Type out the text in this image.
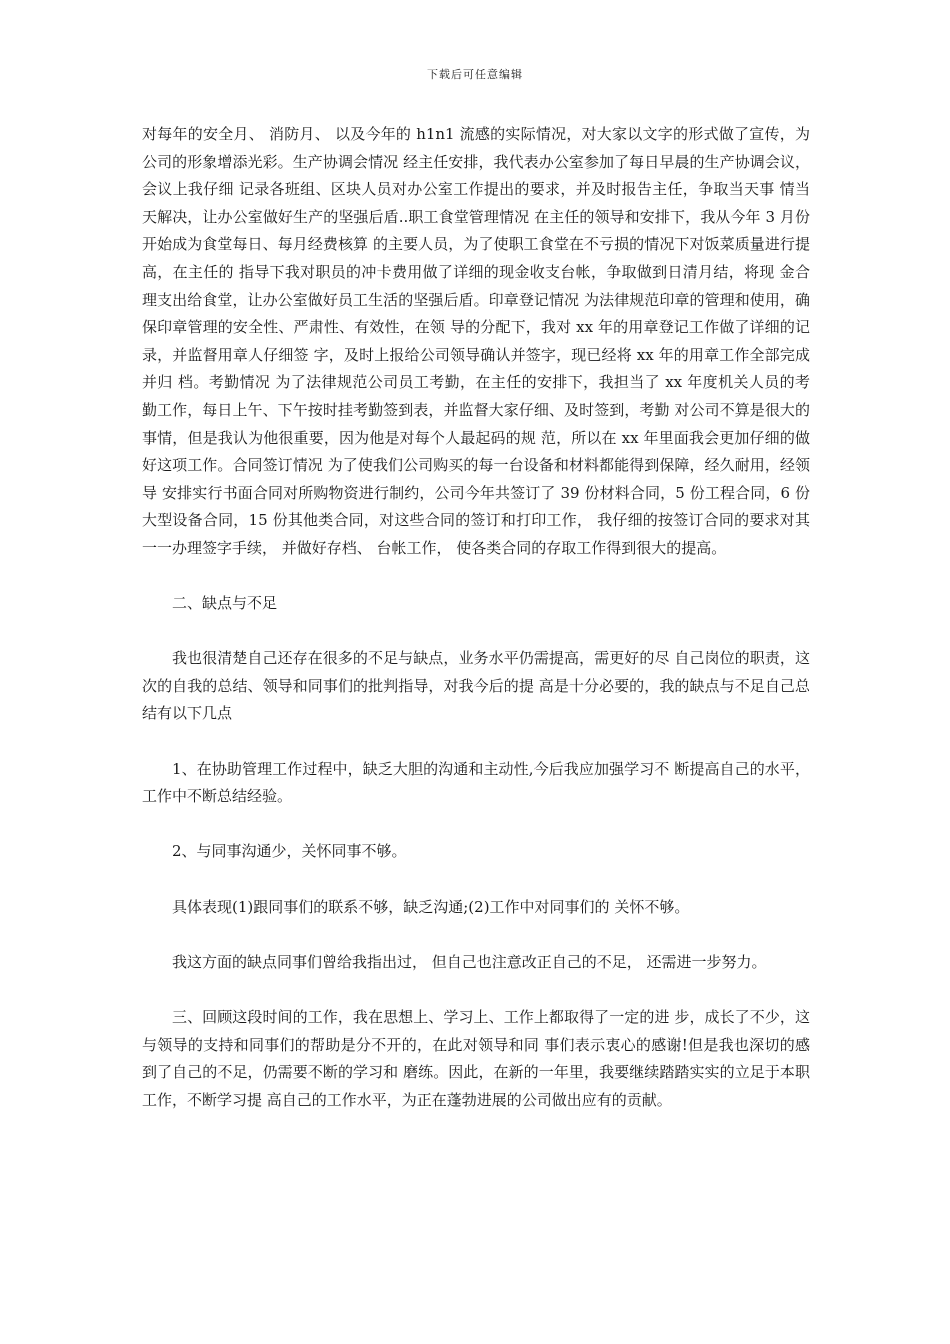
下载后可任意编辑

对每年的安全月、 消防月、 以及今年的 h1n1 流感的实际情况，对大家以文字的形式做了宣传，为公司的形象增添光彩。生产协调会情况 经主任安排，我代表办公室参加了每日早晨的生产协调会议，会议上我仔细 记录各班组、区块人员对办公室工作提出的要求，并及时报告主任，争取当天事 情当天解决，让办公室做好生产的坚强后盾..职工食堂管理情况 在主任的领导和安排下，我从今年 3 月份开始成为食堂每日、每月经费核算 的主要人员，为了使职工食堂在不亏损的情况下对饭菜质量进行提高，在主任的 指导下我对职员的冲卡费用做了详细的现金收支台帐，争取做到日清月结，将现 金合理支出给食堂，让办公室做好员工生活的坚强后盾。印章登记情况 为法律规范印章的管理和使用，确保印章管理的安全性、严肃性、有效性，在领 导的分配下，我对 xx 年的用章登记工作做了详细的记录，并监督用章人仔细签 字，及时上报给公司领导确认并签字，现已经将 xx 年的用章工作全部完成并归 档。考勤情况 为了法律规范公司员工考勤，在主任的安排下，我担当了 xx 年度机关人员的考 勤工作，每日上午、下午按时挂考勤签到表，并监督大家仔细、及时签到，考勤 对公司不算是很大的事情，但是我认为他很重要，因为他是对每个人最起码的规 范，所以在 xx 年里面我会更加仔细的做好这项工作。合同签订情况 为了使我们公司购买的每一台设备和材料都能得到保障，经久耐用，经领导 安排实行书面合同对所购物资进行制约，公司今年共签订了 39 份材料合同，5 份工程合同，6 份大型设备合同，15 份其他类合同，对这些合同的签订和打印工作， 我仔细的按签订合同的要求对其一一办理签字手续， 并做好存档、 台帐工作， 使各类合同的存取工作得到很大的提高。

二、缺点与不足

我也很清楚自己还存在很多的不足与缺点，业务水平仍需提高，需更好的尽 自己岗位的职责，这次的自我的总结、领导和同事们的批判指导，对我今后的提 高是十分必要的，我的缺点与不足自己总结有以下几点

1、在协助管理工作过程中，缺乏大胆的沟通和主动性,今后我应加强学习不 断提高自己的水平，工作中不断总结经验。

2、与同事沟通少，关怀同事不够。

具体表现(1)跟同事们的联系不够，缺乏沟通;(2)工作中对同事们的 关怀不够。

我这方面的缺点同事们曾给我指出过， 但自己也注意改正自己的不足， 还需进一步努力。

三、回顾这段时间的工作，我在思想上、学习上、工作上都取得了一定的进 步，成长了不少，这与领导的支持和同事们的帮助是分不开的，在此对领导和同 事们表示衷心的感谢!但是我也深切的感到了自己的不足，仍需要不断的学习和 磨练。因此，在新的一年里，我要继续踏踏实实的立足于本职工作，不断学习提 高自己的工作水平，为正在蓬勃进展的公司做出应有的贡献。
